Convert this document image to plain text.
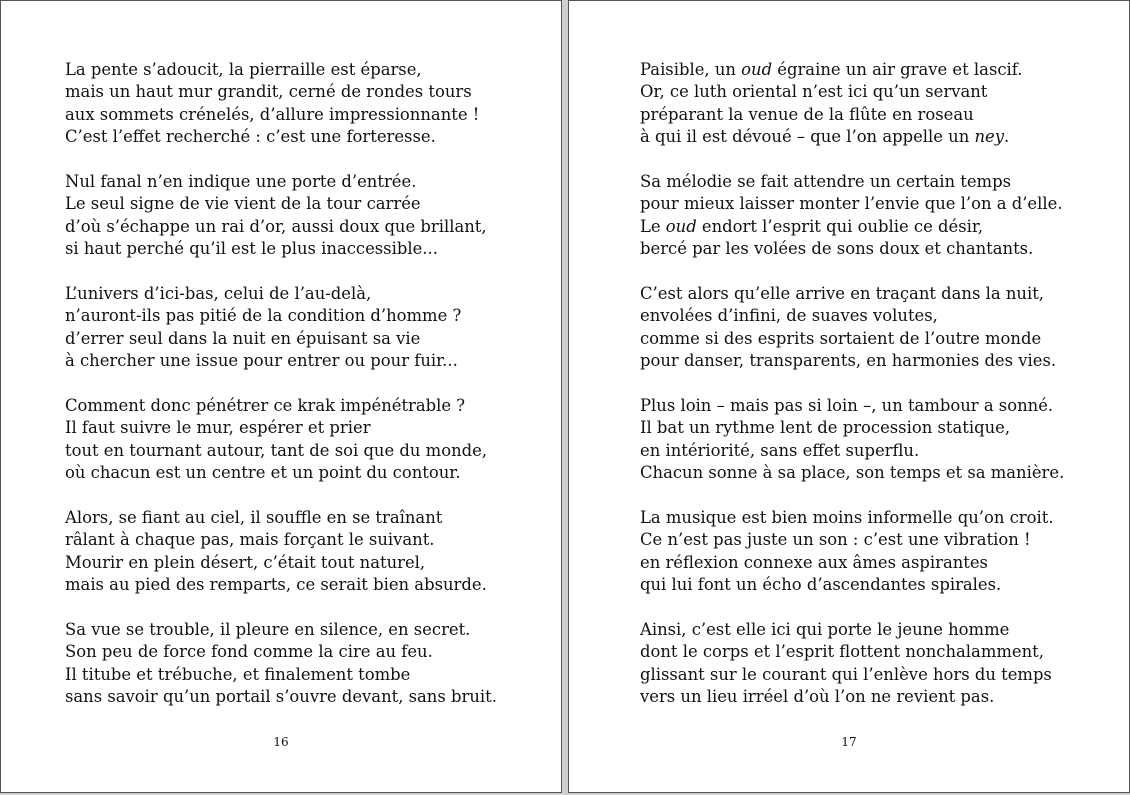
La pente s’adoucit, la pierraille est éparse,
mais un haut mur grandit, cerné de rondes tours
aux sommets crénelés, d’allure impressionnante !
C’est l’effet recherché : c’est une forteresse.
Nul fanal n’en indique une porte d’entrée.
Le seul signe de vie vient de la tour carrée
d’où s’échappe un rai d’or, aussi doux que brillant,
si haut perché qu’il est le plus inaccessible...
L’univers d’ici-bas, celui de l’au-delà,
n’auront-ils pas pitié de la condition d’homme ?
d’errer seul dans la nuit en épuisant sa vie
à chercher une issue pour entrer ou pour fuir...
Comment donc pénétrer ce krak impénétrable ?
Il faut suivre le mur, espérer et prier
tout en tournant autour, tant de soi que du monde,
où chacun est un centre et un point du contour.
Alors, se fiant au ciel, il souffle en se traînant
râlant à chaque pas, mais forçant le suivant.
Mourir en plein désert, c’était tout naturel,
mais au pied des remparts, ce serait bien absurde.
Sa vue se trouble, il pleure en silence, en secret.
Son peu de force fond comme la cire au feu.
Il titube et trébuche, et finalement tombe
sans savoir qu’un portail s’ouvre devant, sans bruit.
16
Paisible, un oud égraine un air grave et lascif.
Or, ce luth oriental n’est ici qu’un servant
préparant la venue de la flûte en roseau
à qui il est dévoué – que l’on appelle un ney.
Sa mélodie se fait attendre un certain temps
pour mieux laisser monter l’envie que l’on a d’elle.
Le oud endort l’esprit qui oublie ce désir,
bercé par les volées de sons doux et chantants.
C’est alors qu’elle arrive en traçant dans la nuit,
envolées d’infini, de suaves volutes,
comme si des esprits sortaient de l’outre monde
pour danser, transparents, en harmonies des vies.
Plus loin – mais pas si loin –, un tambour a sonné.
Il bat un rythme lent de procession statique,
en intériorité, sans effet superflu.
Chacun sonne à sa place, son temps et sa manière.
La musique est bien moins informelle qu’on croit.
Ce n’est pas juste un son : c’est une vibration !
en réflexion connexe aux âmes aspirantes
qui lui font un écho d’ascendantes spirales.
Ainsi, c’est elle ici qui porte le jeune homme
dont le corps et l’esprit flottent nonchalamment,
glissant sur le courant qui l’enlève hors du temps
vers un lieu irréel d’où l’on ne revient pas.
17
